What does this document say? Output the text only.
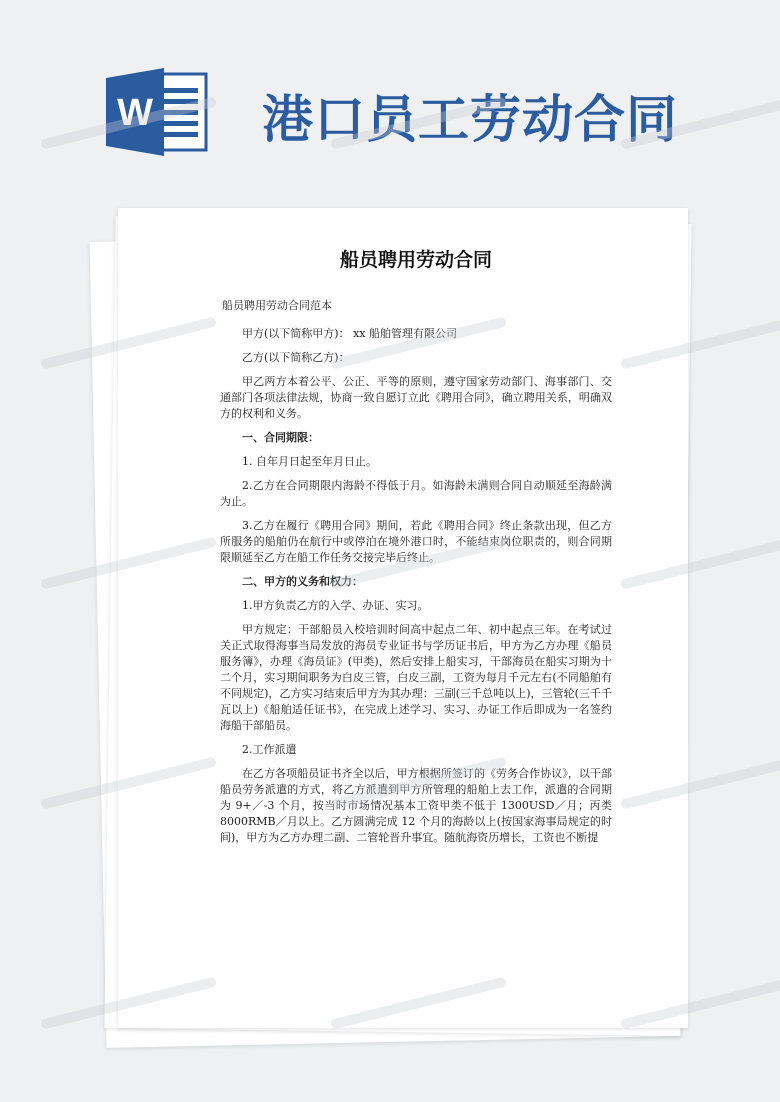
W 港口员工劳动合同
船员聘用劳动合同

船员聘用劳动合同范本

甲方(以下简称甲方)： xx 船舶管理有限公司

乙方(以下简称乙方)：

甲乙两方本着公平、公正、平等的原则，遵守国家劳动部门、海事部门、交通部门各项法律法规，协商一致自愿订立此《聘用合同》，确立聘用关系，明确双方的权利和义务。

一、合同期限：

1. 自年月日起至年月日止。

2.乙方在合同期限内海龄不得低于月。如海龄未满则合同自动顺延至海龄满为止。

3.乙方在履行《聘用合同》期间，若此《聘用合同》终止条款出现，但乙方所服务的船舶仍在航行中或停泊在境外港口时，不能结束岗位职责的，则合同期限顺延至乙方在船工作任务交接完毕后终止。

二、甲方的义务和权力：

1.甲方负责乙方的入学、办证、实习。

甲方规定：干部船员入校培训时间高中起点二年、初中起点三年。在考试过关正式取得海事当局发放的海员专业证书与学历证书后，甲方为乙方办理《船员服务簿》，办理《海员证》(甲类)，然后安排上船实习，干部海员在船实习期为十二个月，实习期间职务为白皮三管，白皮三副，工资为每月千元左右(不同船舶有不同规定)，乙方实习结束后甲方为其办理：三副(三千总吨以上)，三管轮(三千千瓦以上)《船舶适任证书》，在完成上述学习、实习、办证工作后即成为一名签约海船干部船员。

2.工作派遣

在乙方各项船员证书齐全以后，甲方根据所签订的《劳务合作协议》，以干部船员劳务派遣的方式，将乙方派遣到甲方所管理的船舶上去工作，派遣的合同期为 9+／-3 个月，按当时市场情况基本工资甲类不低于 1300USD／月；丙类8000RMB／月以上。乙方圆满完成 12 个月的海龄以上(按国家海事局规定的时间)，甲方为乙方办理二副、二管轮晋升事宜。随航海资历增长，工资也不断提
